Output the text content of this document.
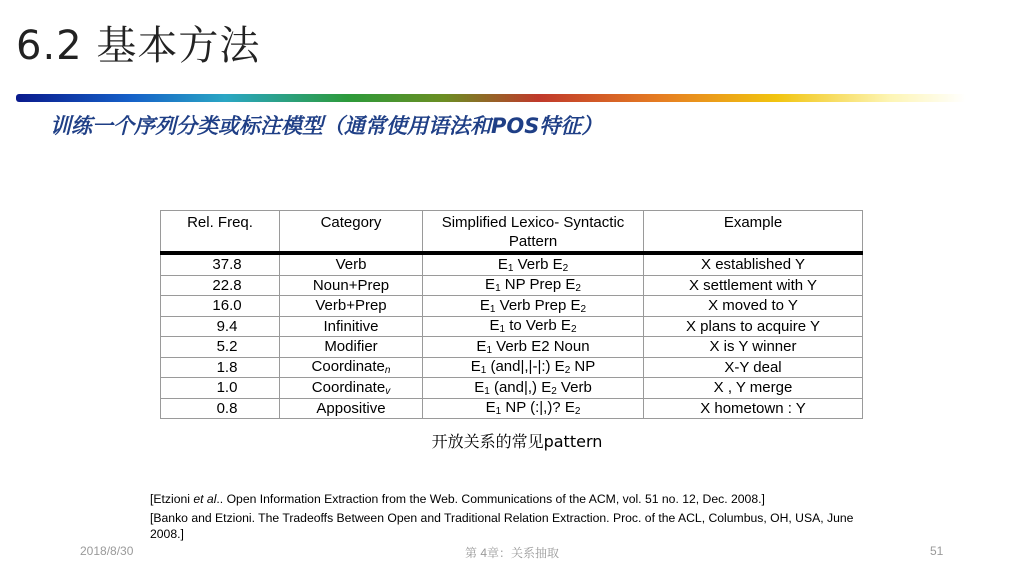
6.2 基本方法
训练一个序列分类或标注模型（通常使用语法和POS特征）
Rel. Freq.	Category	Simplified Lexico- Syntactic Pattern	Example
37.8	Verb	$E_1$ Verb $E_2$	X established Y
22.8	Noun+Prep	$E_1$ NP Prep $E_2$	X settlement with Y
16.0	Verb+Prep	$E_1$ Verb Prep $E_2$	X moved to Y
9.4	Infinitive	$E_1$ to Verb $E_2$	X plans to acquire Y
5.2	Modifier	$E_1$ Verb E2 Noun	X is Y winner
1.8	Coordinate$_n$	$E_1$ (and|,|-|:) $E_2$ NP	X-Y deal
1.0	Coordinate$_v$	$E_1$ (and|,) $E_2$ Verb	X , Y merge
0.8	Appositive	$E_1$ NP (:|,)? $E_2$	X hometown : Y
开放关系的常见pattern

[Etzioni et al.. Open Information Extraction from the Web. Communications of the ACM, vol. 51 no. 12, Dec. 2008.]

[Banko and Etzioni. The Tradeoffs Between Open and Traditional Relation Extraction. Proc. of the ACL, Columbus, OH, USA, June 2008.]

2018/8/30	第 4章：关系抽取	51
